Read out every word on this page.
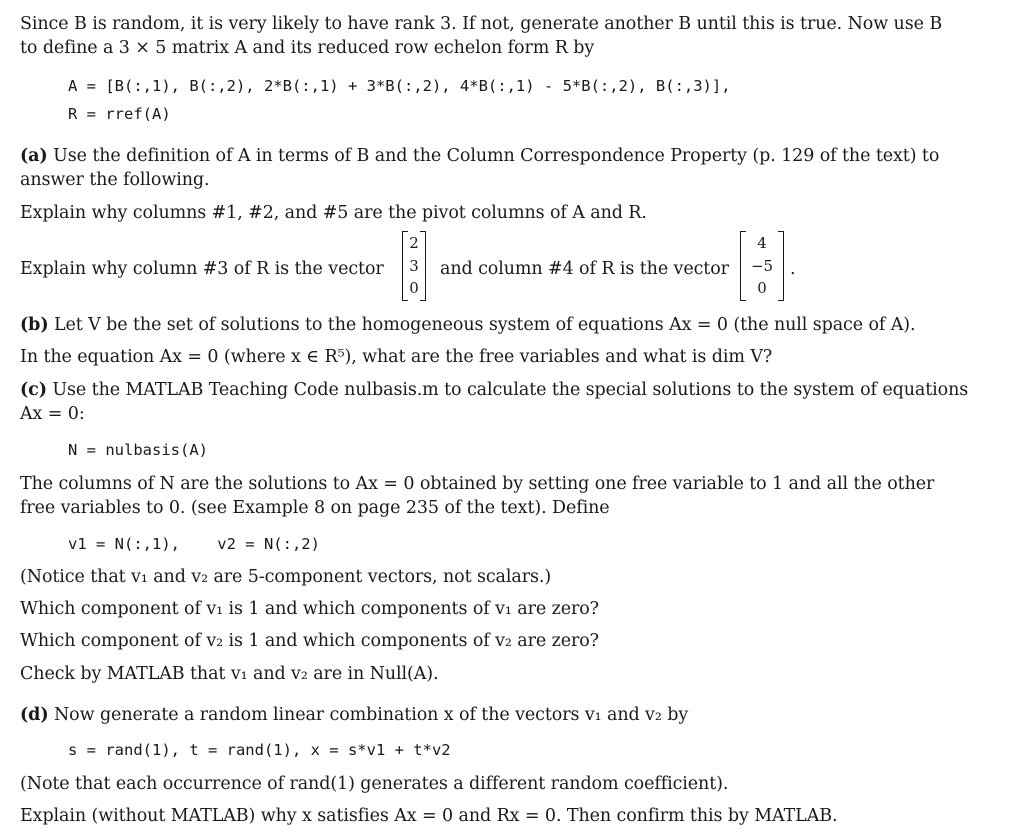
Since B is random, it is very likely to have rank 3. If not, generate another B until this is true. Now use B
to define a 3 × 5 matrix A and its reduced row echelon form R by
A = [B(:,1), B(:,2), 2*B(:,1) + 3*B(:,2), 4*B(:,1) - 5*B(:,2), B(:,3)],
R = rref(A)
(a) Use the definition of A in terms of B and the Column Correspondence Property (p. 129 of the text) to
answer the following.
Explain why columns #1, #2, and #5 are the pivot columns of A and R.
Explain why column #3 of R is the vector
2
3
0
and column #4 of R is the vector
4
−5
0
.
(b) Let V be the set of solutions to the homogeneous system of equations Ax = 0 (the null space of A).
In the equation Ax = 0 (where x ∈ R⁵), what are the free variables and what is dim V?
(c) Use the MATLAB Teaching Code nulbasis.m to calculate the special solutions to the system of equations
Ax = 0:
N = nulbasis(A)
The columns of N are the solutions to Ax = 0 obtained by setting one free variable to 1 and all the other
free variables to 0. (see Example 8 on page 235 of the text). Define
v1 = N(:,1),    v2 = N(:,2)
(Notice that v₁ and v₂ are 5-component vectors, not scalars.)
Which component of v₁ is 1 and which components of v₁ are zero?
Which component of v₂ is 1 and which components of v₂ are zero?
Check by MATLAB that v₁ and v₂ are in Null(A).
(d) Now generate a random linear combination x of the vectors v₁ and v₂ by
s = rand(1), t = rand(1), x = s*v1 + t*v2
(Note that each occurrence of rand(1) generates a different random coefficient).
Explain (without MATLAB) why x satisfies Ax = 0 and Rx = 0. Then confirm this by MATLAB.
